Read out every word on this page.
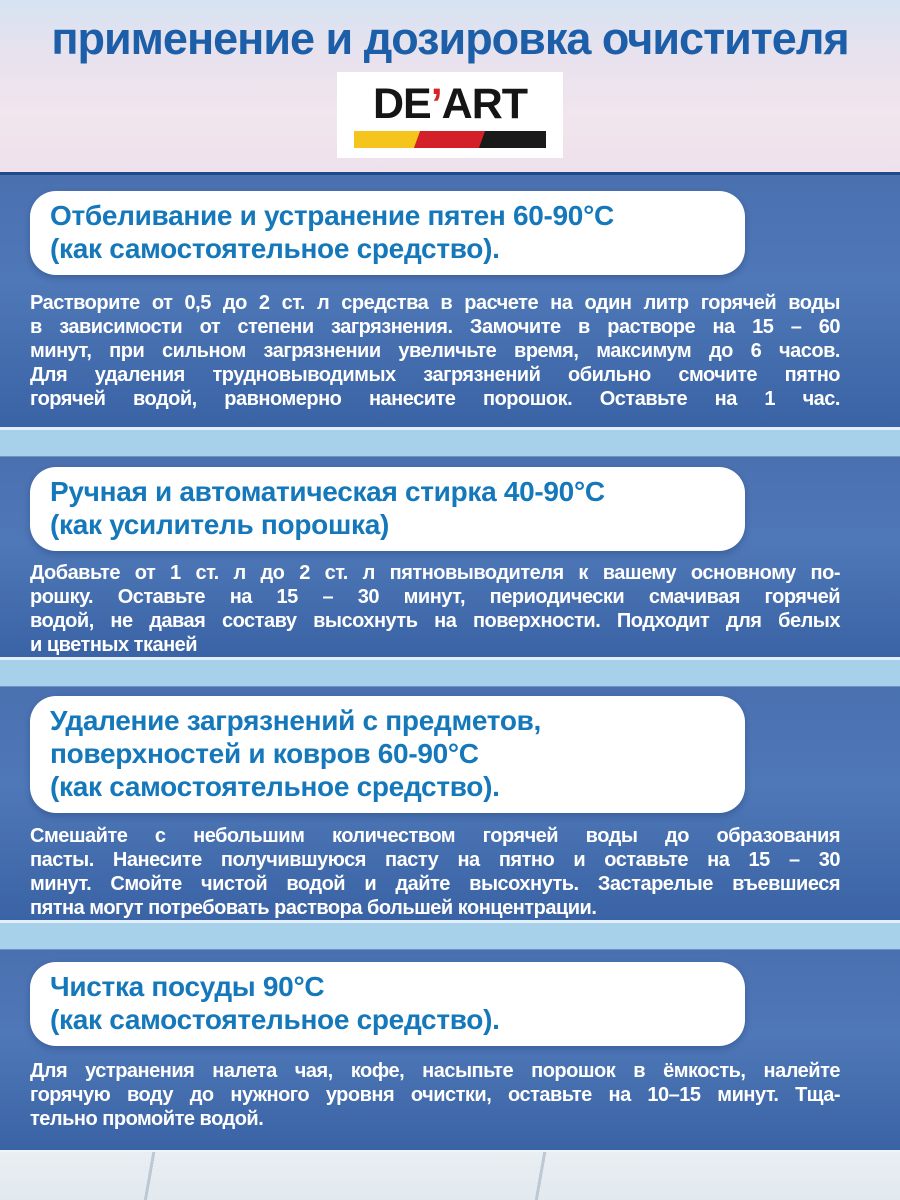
применение и дозировка очистителя
DE’ART
Отбеливание и устранение пятен 60-90°C
(как самостоятельное средство).
Растворите от 0,5 до 2 ст. л средства в расчете на один литр горячей воды
в зависимости от степени загрязнения. Замочите в растворе на 15 – 60
минут, при сильном загрязнении увеличьте время, максимум до 6 часов.
Для удаления трудновыводимых загрязнений обильно смочите пятно
горячей водой, равномерно нанесите порошок. Оставьте на 1 час.
Ручная и автоматическая стирка 40-90°C
(как усилитель порошка)
Добавьте от 1 ст. л до 2 ст. л пятновыводителя к вашему основному по-
рошку. Оставьте на 15 – 30 минут, периодически смачивая горячей
водой, не давая составу высохнуть на поверхности. Подходит для белых
и цветных тканей
Удаление загрязнений с предметов,
поверхностей и ковров 60-90°C
(как самостоятельное средство).
Смешайте с небольшим количеством горячей воды до образования
пасты. Нанесите получившуюся пасту на пятно и оставьте на 15 – 30
минут. Смойте чистой водой и дайте высохнуть. Застарелые въевшиеся
пятна могут потребовать раствора большей концентрации.
Чистка посуды 90°C
(как самостоятельное средство).
Для устранения налета чая, кофе, насыпьте порошок в ёмкость, налейте
горячую воду до нужного уровня очистки, оставьте на 10–15 минут. Тща-
тельно промойте водой.
